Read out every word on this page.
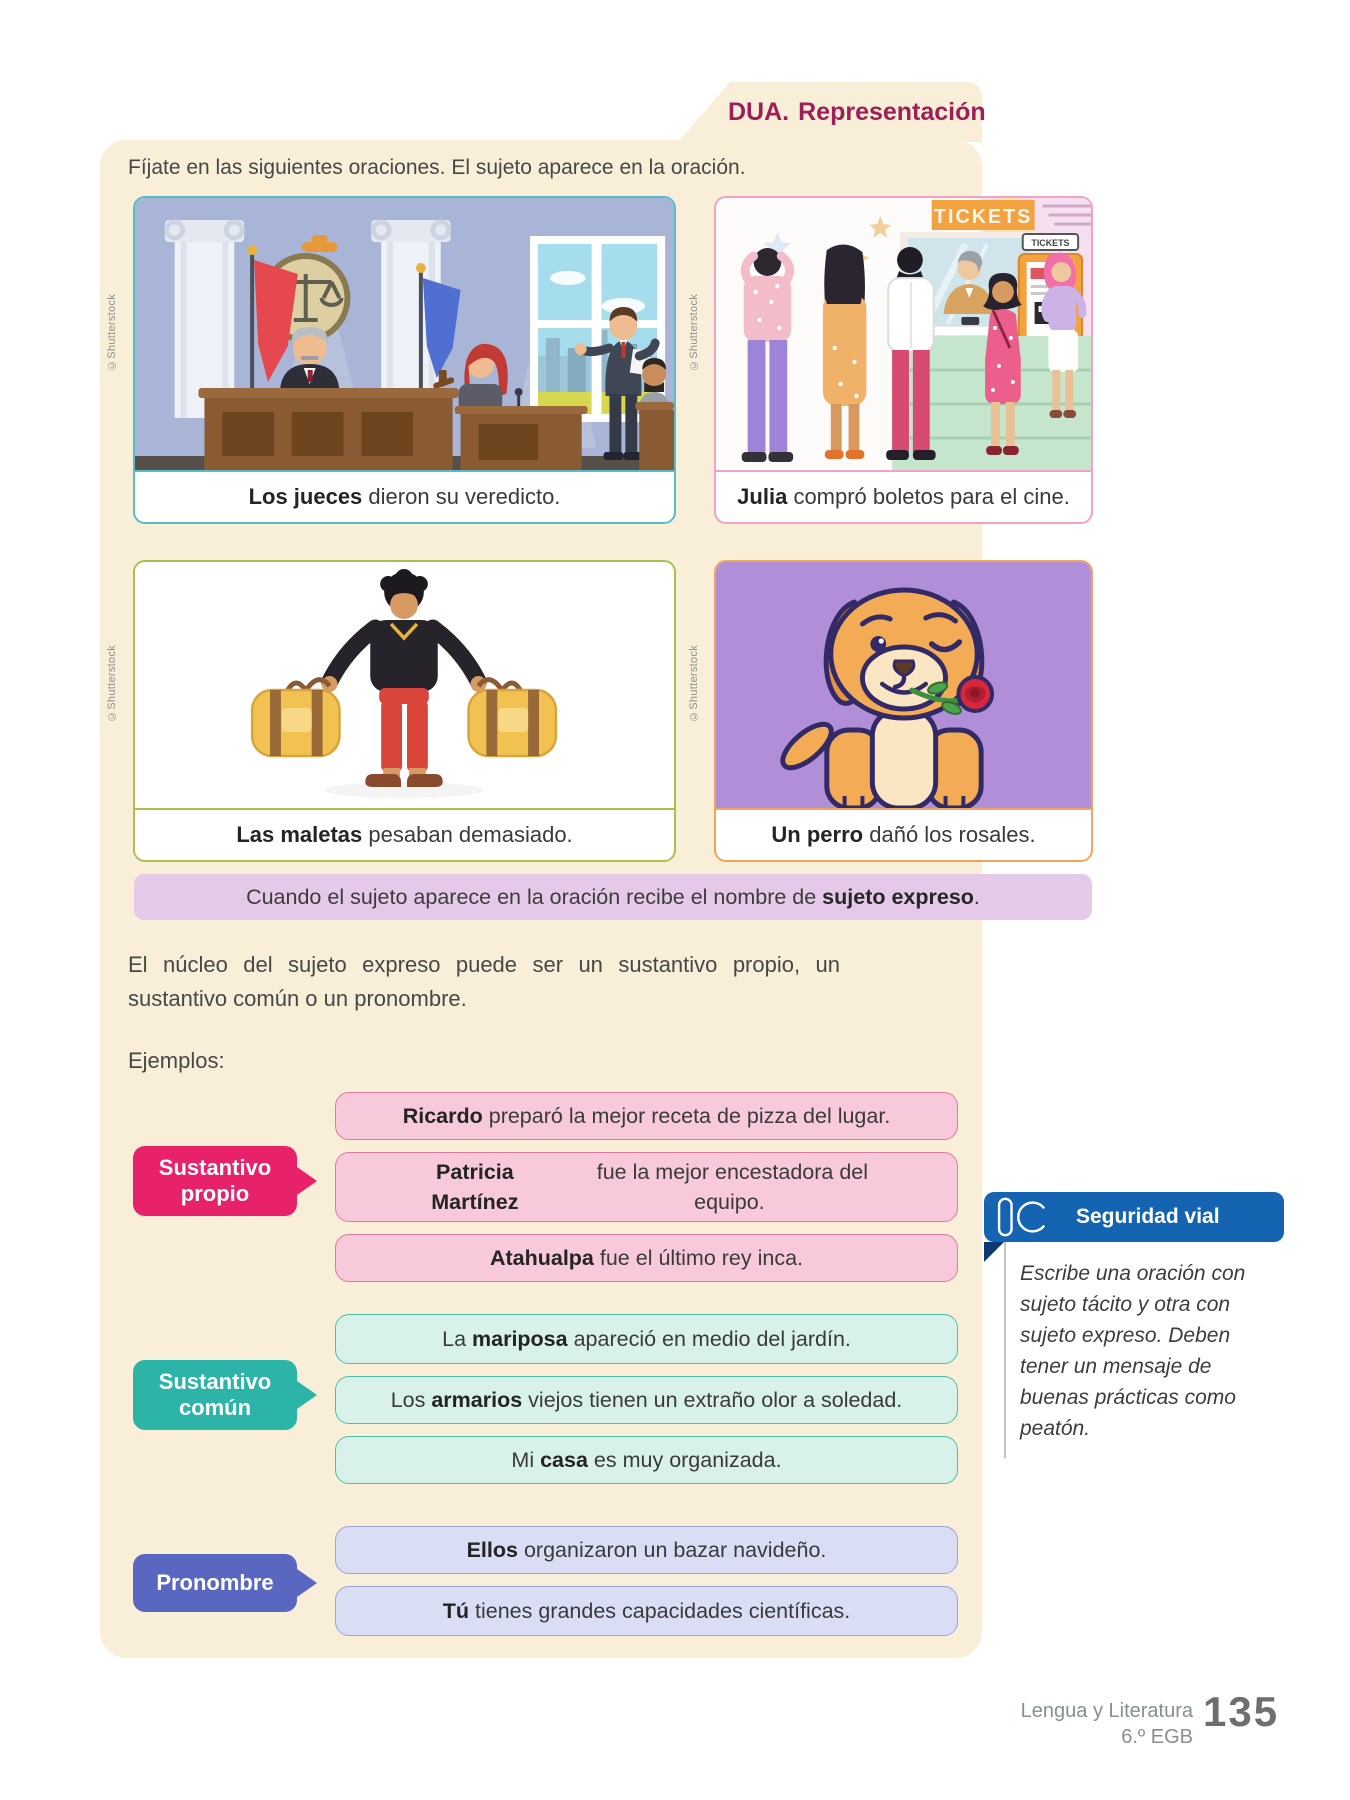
DUA. Representación
Fíjate en las siguientes oraciones. El sujeto aparece en la oración.
Los jueces dieron su veredicto.
TICKETS
TICKETS
Julia compró boletos para el cine.
Las maletas pesaban demasiado.	Un perro dañó los rosales.
©Shutterstock	©Shutterstock
©Shutterstock	©Shutterstock
Cuando el sujeto aparece en la oración recibe el nombre de sujeto expreso .
El núcleo del sujeto expreso puede ser un sustantivo propio, un sustantivo común o un pronombre.
Ejemplos:
Sustantivo propio
Ricardo preparó la mejor receta de pizza del lugar.
Patricia Martínez
fue la mejor encestadora del equipo.
Atahualpa fue el último rey inca.
Sustantivo común
La mariposa apareció en medio del jardín.
Los armarios viejos tienen un extraño olor a soledad.
Mi casa es muy organizada.
Pronombre
Ellos organizaron un bazar navideño.
Tú tienes grandes capacidades científicas.
Seguridad vial
Escribe una oración con sujeto tácito y otra con sujeto expreso. Deben tener un mensaje de buenas prácticas como peatón.
Lengua y Literatura
6.º EGB
135
